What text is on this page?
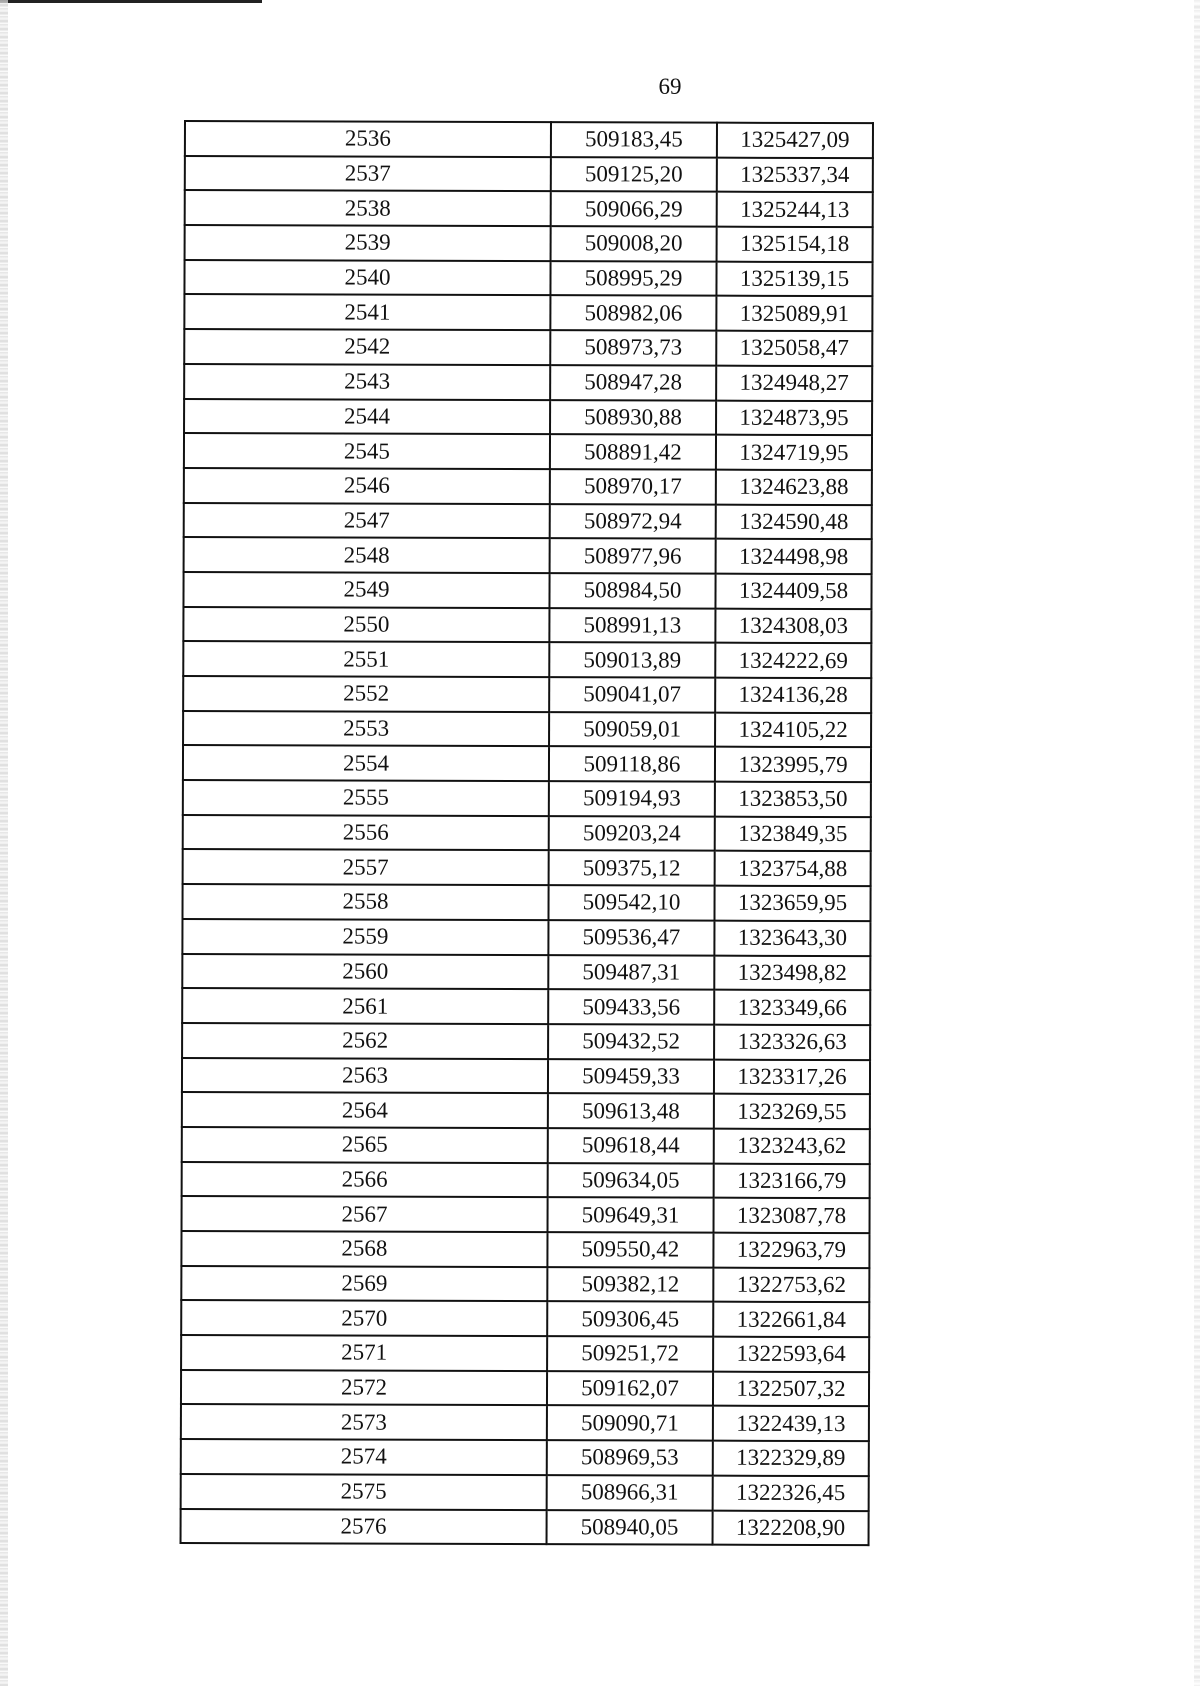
69
2536	509183,45	1325427,09
2537	509125,20	1325337,34
2538	509066,29	1325244,13
2539	509008,20	1325154,18
2540	508995,29	1325139,15
2541	508982,06	1325089,91
2542	508973,73	1325058,47
2543	508947,28	1324948,27
2544	508930,88	1324873,95
2545	508891,42	1324719,95
2546	508970,17	1324623,88
2547	508972,94	1324590,48
2548	508977,96	1324498,98
2549	508984,50	1324409,58
2550	508991,13	1324308,03
2551	509013,89	1324222,69
2552	509041,07	1324136,28
2553	509059,01	1324105,22
2554	509118,86	1323995,79
2555	509194,93	1323853,50
2556	509203,24	1323849,35
2557	509375,12	1323754,88
2558	509542,10	1323659,95
2559	509536,47	1323643,30
2560	509487,31	1323498,82
2561	509433,56	1323349,66
2562	509432,52	1323326,63
2563	509459,33	1323317,26
2564	509613,48	1323269,55
2565	509618,44	1323243,62
2566	509634,05	1323166,79
2567	509649,31	1323087,78
2568	509550,42	1322963,79
2569	509382,12	1322753,62
2570	509306,45	1322661,84
2571	509251,72	1322593,64
2572	509162,07	1322507,32
2573	509090,71	1322439,13
2574	508969,53	1322329,89
2575	508966,31	1322326,45
2576	508940,05	1322208,90
